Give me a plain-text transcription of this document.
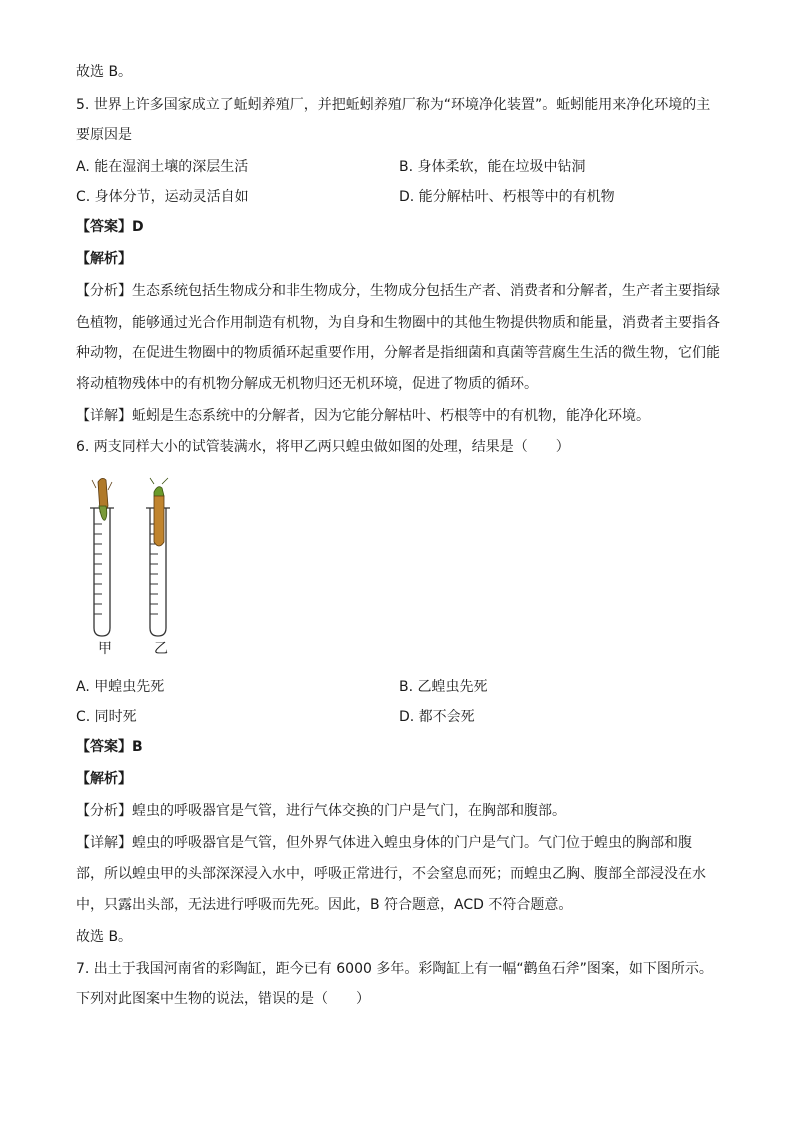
故选 B。
5. 世界上许多国家成立了蚯蚓养殖厂，并把蚯蚓养殖厂称为“环境净化装置”。蚯蚓能用来净化环境的主
要原因是
A. 能在湿润土壤的深层生活	B. 身体柔软，能在垃圾中钻洞
C. 身体分节，运动灵活自如	D. 能分解枯叶、朽根等中的有机物
【答案】D
【解析】
【分析】生态系统包括生物成分和非生物成分，生物成分包括生产者、消费者和分解者，生产者主要指绿
色植物，能够通过光合作用制造有机物，为自身和生物圈中的其他生物提供物质和能量，消费者主要指各
种动物，在促进生物圈中的物质循环起重要作用，分解者是指细菌和真菌等营腐生生活的微生物，它们能
将动植物残体中的有机物分解成无机物归还无机环境，促进了物质的循环。
【详解】蚯蚓是生态系统中的分解者，因为它能分解枯叶、朽根等中的有机物，能净化环境。
6. 两支同样大小的试管装满水，将甲乙两只蝗虫做如图的处理，结果是（　　）
甲	乙
A. 甲蝗虫先死	B. 乙蝗虫先死
C. 同时死	D. 都不会死
【答案】B
【解析】
【分析】蝗虫的呼吸器官是气管，进行气体交换的门户是气门，在胸部和腹部。
【详解】蝗虫的呼吸器官是气管，但外界气体进入蝗虫身体的门户是气门。气门位于蝗虫的胸部和腹
部，所以蝗虫甲的头部深深浸入水中，呼吸正常进行，不会窒息而死；而蝗虫乙胸、腹部全部浸没在水
中，只露出头部，无法进行呼吸而先死。因此，B 符合题意，ACD 不符合题意。
故选 B。
7. 出土于我国河南省的彩陶缸，距今已有 6000 多年。彩陶缸上有一幅“鹳鱼石斧”图案，如下图所示。
下列对此图案中生物的说法，错误的是（　　）
